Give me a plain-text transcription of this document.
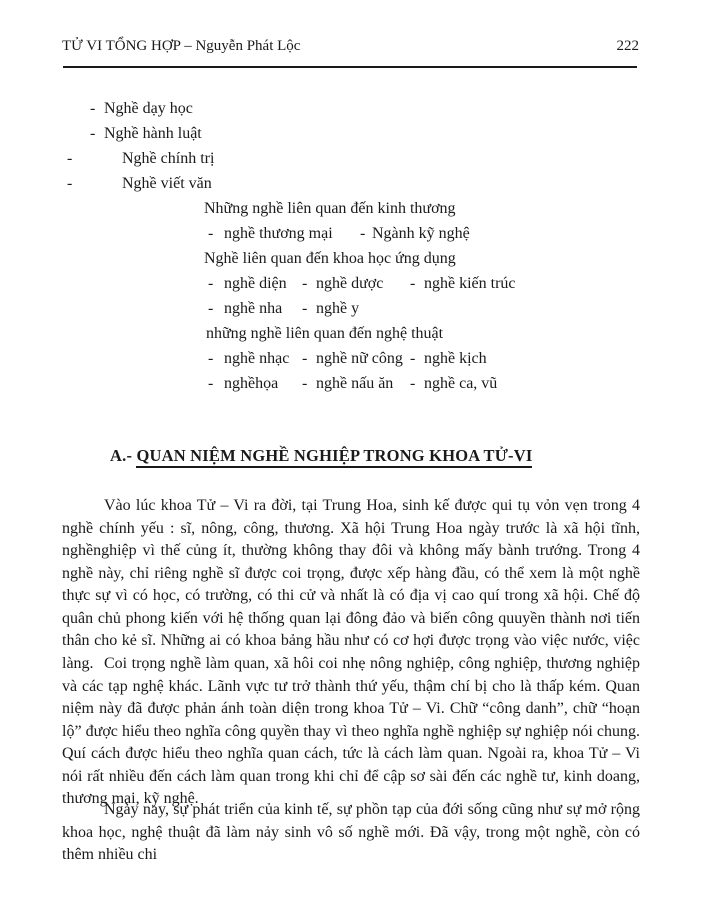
TỬ VI TỔNG HỢP – Nguyễn Phát Lộc	222
- Nghề dạy học
- Nghề hành luật
-	Nghề chính trị
-	Nghề viết văn
Những nghề liên quan đến kinh thương
- nghề thương mại - Ngành kỹ nghệ
Nghề liên quan đến khoa học ứng dụng
- nghề diện - nghề dược - nghề kiến trúc
- nghề nha - nghề y
những nghề liên quan đến nghệ thuật
- nghề nhạc - nghề nữ công - nghề kịch
- nghềhọa - nghề nấu ăn - nghề ca, vũ
A.- QUAN NIỆM NGHỀ NGHIỆP TRONG KHOA TỬ-VI

Vào lúc khoa Tử – Vi ra đời, tại Trung Hoa, sinh kế được qui tụ vỏn vẹn trong 4 nghề chính yếu : sĩ, nông, công, thương. Xã hội Trung Hoa ngày trước là xã hội tĩnh, nghềnghiệp vì thế củng ít, thường không thay đôi và không mấy bành trướng. Trong 4 nghề này, chỉ riêng nghề sĩ được coi trọng, được xếp hàng đầu, có thể xem là một nghề thực sự vì có học, có trường, có thi cử và nhất là có địa vị cao quí trong xã hội. Chế độ quân chủ phong kiến với hệ thống quan lại đông đảo và biến công quuyền thành nơi tiến thân cho kẻ sĩ. Những ai có khoa bảng hầu như có cơ hợi được trọng vào việc nước, việc làng. Coi trọng nghề làm quan, xã hôi coi nhẹ nông nghiệp, công nghiệp, thương nghiệp và các tạp nghệ khác. Lãnh vực tư trở thành thứ yếu, thậm chí bị cho là thấp kém. Quan niệm này đã được phản ánh toàn diện trong khoa Tử – Vi. Chữ “công danh”, chữ “hoạn lộ” được hiểu theo nghĩa công quyền thay vì theo nghĩa nghề nghiệp sự nghiệp nói chung. Quí cách được hiểu theo nghĩa quan cách, tức là cách làm quan. Ngoài ra, khoa Tử – Vi nói rất nhiều đến cách làm quan trong khi chỉ để cập sơ sài đến các nghề tư, kinh doang, thương mại, kỹ nghệ.

Ngày nay, sự phát triển của kinh tế, sự phồn tạp của đới sống cũng như sự mở rộng khoa học, nghệ thuật đã làm nảy sinh vô số nghề mới. Đã vậy, trong một nghề, còn có thêm nhiều chi
